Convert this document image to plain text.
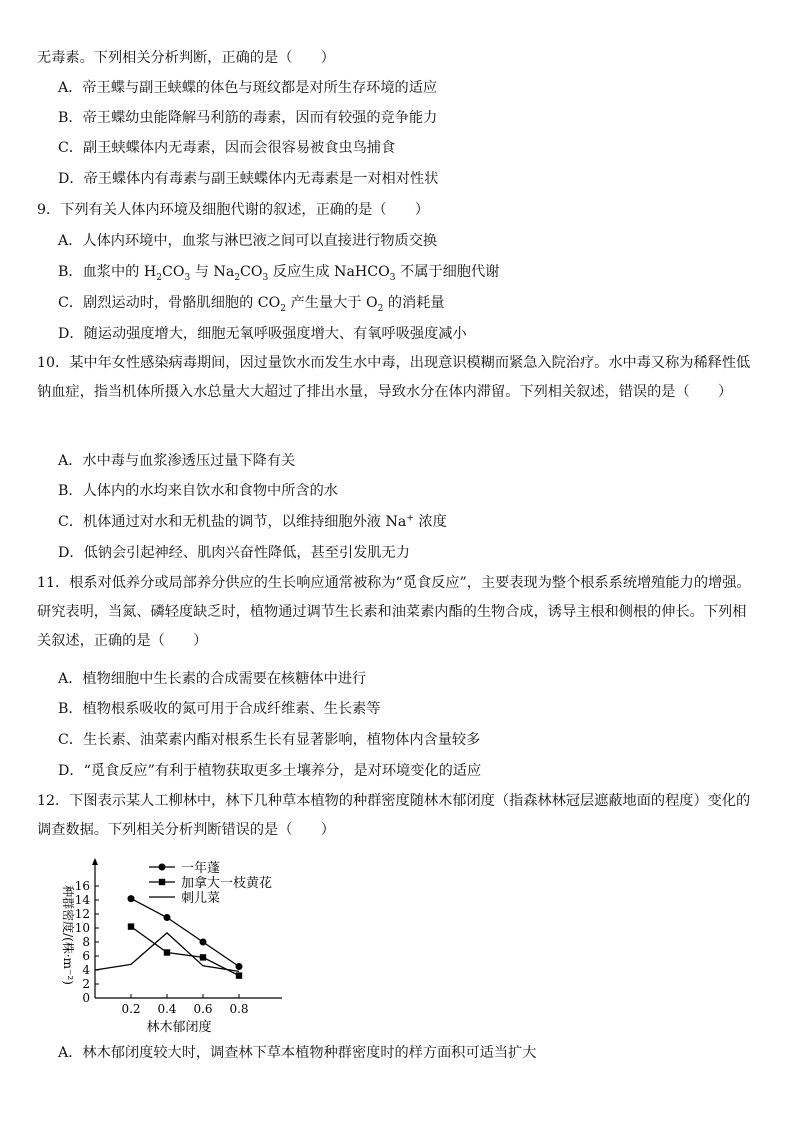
无毒素。下列相关分析判断，正确的是（　　）
A．帝王蝶与副王蛱蝶的体色与斑纹都是对所生存环境的适应
B．帝王蝶幼虫能降解马利筋的毒素，因而有较强的竞争能力
C．副王蛱蝶体内无毒素，因而会很容易被食虫鸟捕食
D．帝王蝶体内有毒素与副王蛱蝶体内无毒素是一对相对性状
9．下列有关人体内环境及细胞代谢的叙述，正确的是（　　）
A．人体内环境中，血浆与淋巴液之间可以直接进行物质交换
B．血浆中的 $H_2CO_3$ 与 $Na_2CO_3$ 反应生成 NaHCO$_3$ 不属于细胞代谢
C．剧烈运动时，骨骼肌细胞的 $CO_2$ 产生量大于 $O_2$ 的消耗量
D．随运动强度增大，细胞无氧呼吸强度增大、有氧呼吸强度减小
10．某中年女性感染病毒期间，因过量饮水而发生水中毒，出现意识模糊而紧急入院治疗。水中毒又称为稀释性低钠血症，指当机体所摄入水总量大大超过了排出水量，导致水分在体内滞留。下列相关叙述，错误的是（　　）
A．水中毒与血浆渗透压过量下降有关
B．人体内的水均来自饮水和食物中所含的水
C．机体通过对水和无机盐的调节，以维持细胞外液 Na+ 浓度
D．低钠会引起神经、肌肉兴奋性降低，甚至引发肌无力
11．根系对低养分或局部养分供应的生长响应通常被称为“觅食反应”，主要表现为整个根系系统增殖能力的增强。研究表明，当氮、磷轻度缺乏时，植物通过调节生长素和油菜素内酯的生物合成，诱导主根和侧根的伸长。下列相关叙述，正确的是（　　）
A．植物细胞中生长素的合成需要在核糖体中进行
B．植物根系吸收的氮可用于合成纤维素、生长素等
C．生长素、油菜素内酯对根系生长有显著影响，植物体内含量较多
D．“觅食反应”有利于植物获取更多土壤养分，是对环境变化的适应
12．下图表示某人工柳林中，林下几种草本植物的种群密度随林木郁闭度（指森林林冠层遮蔽地面的程度）变化的调查数据。下列相关分析判断错误的是（　　）
0
2
4
6
8
10
12
14
16
0.2 0.4 0.6 0.8
林木郁闭度
种群密度/(株·m⁻²)
一年蓬
加拿大一枝黄花
刺儿菜
A．林木郁闭度较大时，调查林下草本植物种群密度时的样方面积可适当扩大
